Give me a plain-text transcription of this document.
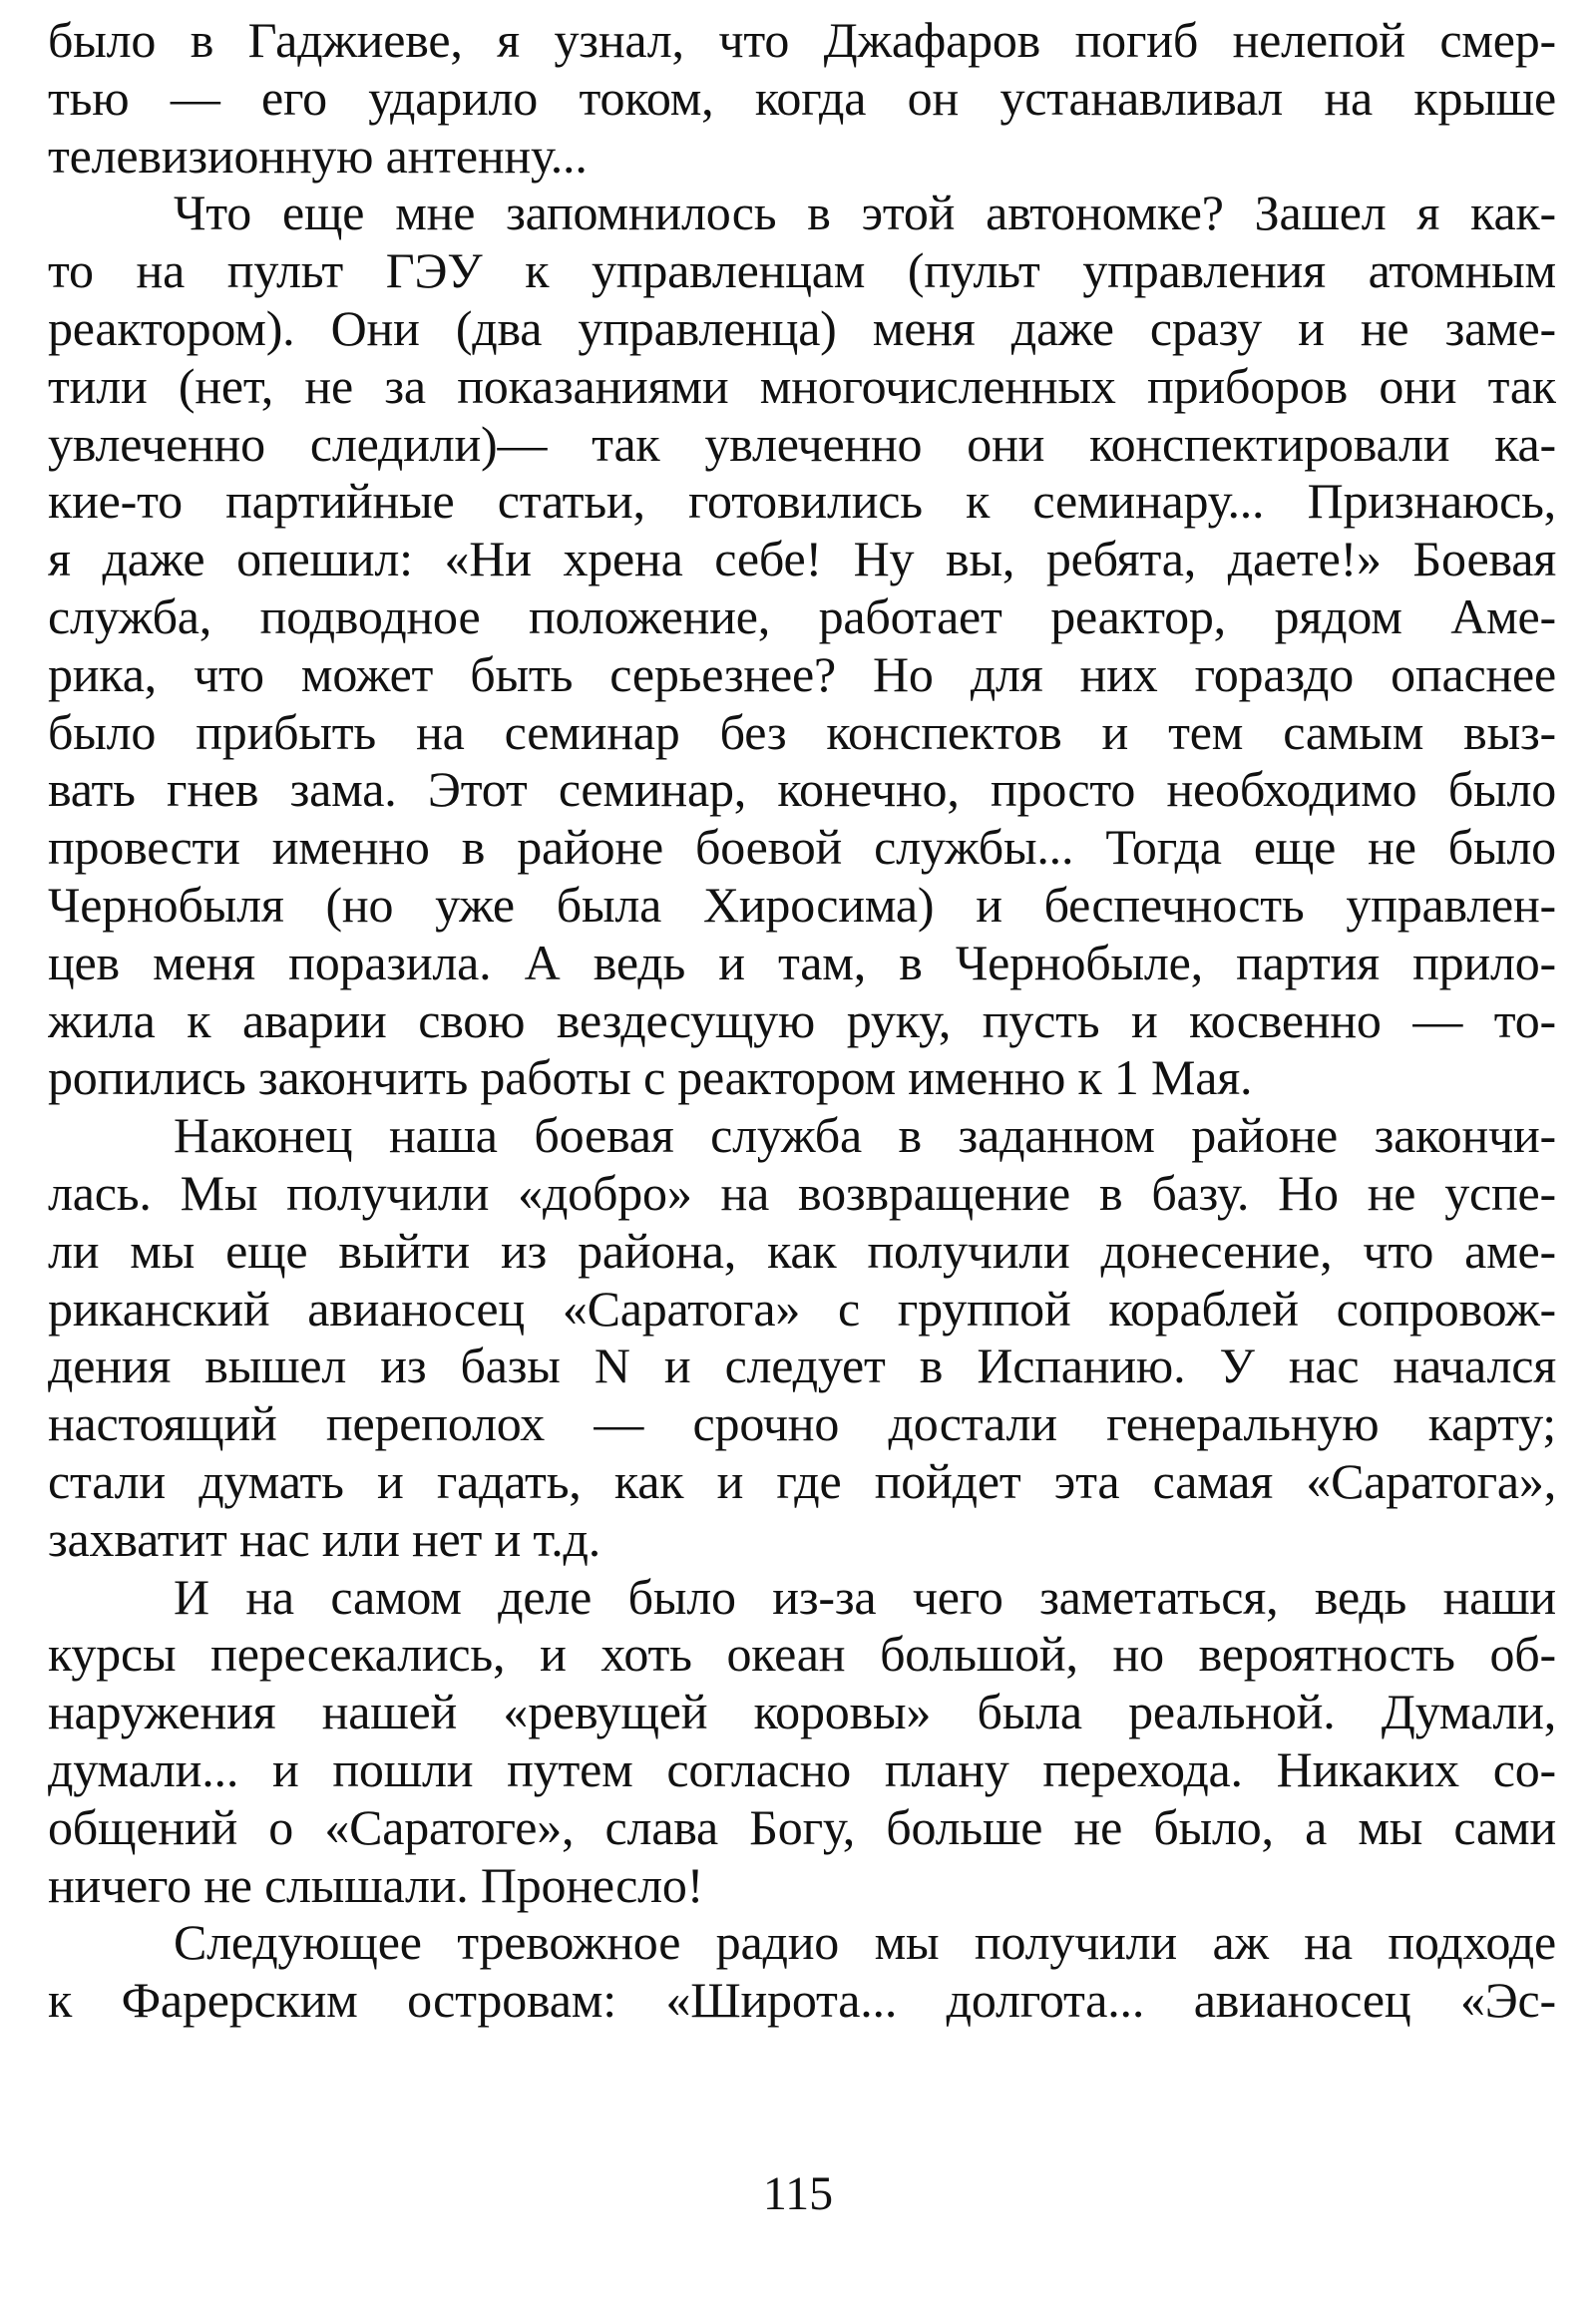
было в Гаджиеве, я узнал, что Джафаров погиб нелепой смер-
тью — его ударило током, когда он устанавливал на крыше
телевизионную антенну...
Что еще мне запомнилось в этой автономке? Зашел я как-
то на пульт ГЭУ к управленцам (пульт управления атомным
реактором). Они (два управленца) меня даже сразу и не заме-
тили (нет, не за показаниями многочисленных приборов они так
увлеченно следили)— так увлеченно они конспектировали ка-
кие-то партийные статьи, готовились к семинару... Признаюсь,
я даже опешил: «Ни хрена себе! Ну вы, ребята, даете!» Боевая
служба, подводное положение, работает реактор, рядом Аме-
рика, что может быть серьезнее? Но для них гораздо опаснее
было прибыть на семинар без конспектов и тем самым выз-
вать гнев зама. Этот семинар, конечно, просто необходимо было
провести именно в районе боевой службы... Тогда еще не было
Чернобыля (но уже была Хиросима) и беспечность управлен-
цев меня поразила. А ведь и там, в Чернобыле, партия прило-
жила к аварии свою вездесущую руку, пусть и косвенно — то-
ропились закончить работы с реактором именно к 1 Мая.
Наконец наша боевая служба в заданном районе закончи-
лась. Мы получили «добро» на возвращение в базу. Но не успе-
ли мы еще выйти из района, как получили донесение, что аме-
риканский авианосец «Саратога» с группой кораблей сопровож-
дения вышел из базы N и следует в Испанию. У нас начался
настоящий переполох — срочно достали генеральную карту;
стали думать и гадать, как и где пойдет эта самая «Саратога»,
захватит нас или нет и т.д.
И на самом деле было из-за чего заметаться, ведь наши
курсы пересекались, и хоть океан большой, но вероятность об-
наружения нашей «ревущей коровы» была реальной. Думали,
думали... и пошли путем согласно плану перехода. Никаких со-
общений о «Саратоге», слава Богу, больше не было, а мы сами
ничего не слышали. Пронесло!
Следующее тревожное радио мы получили аж на подходе
к Фарерским островам: «Широта... долгота... авианосец «Эс-
115
